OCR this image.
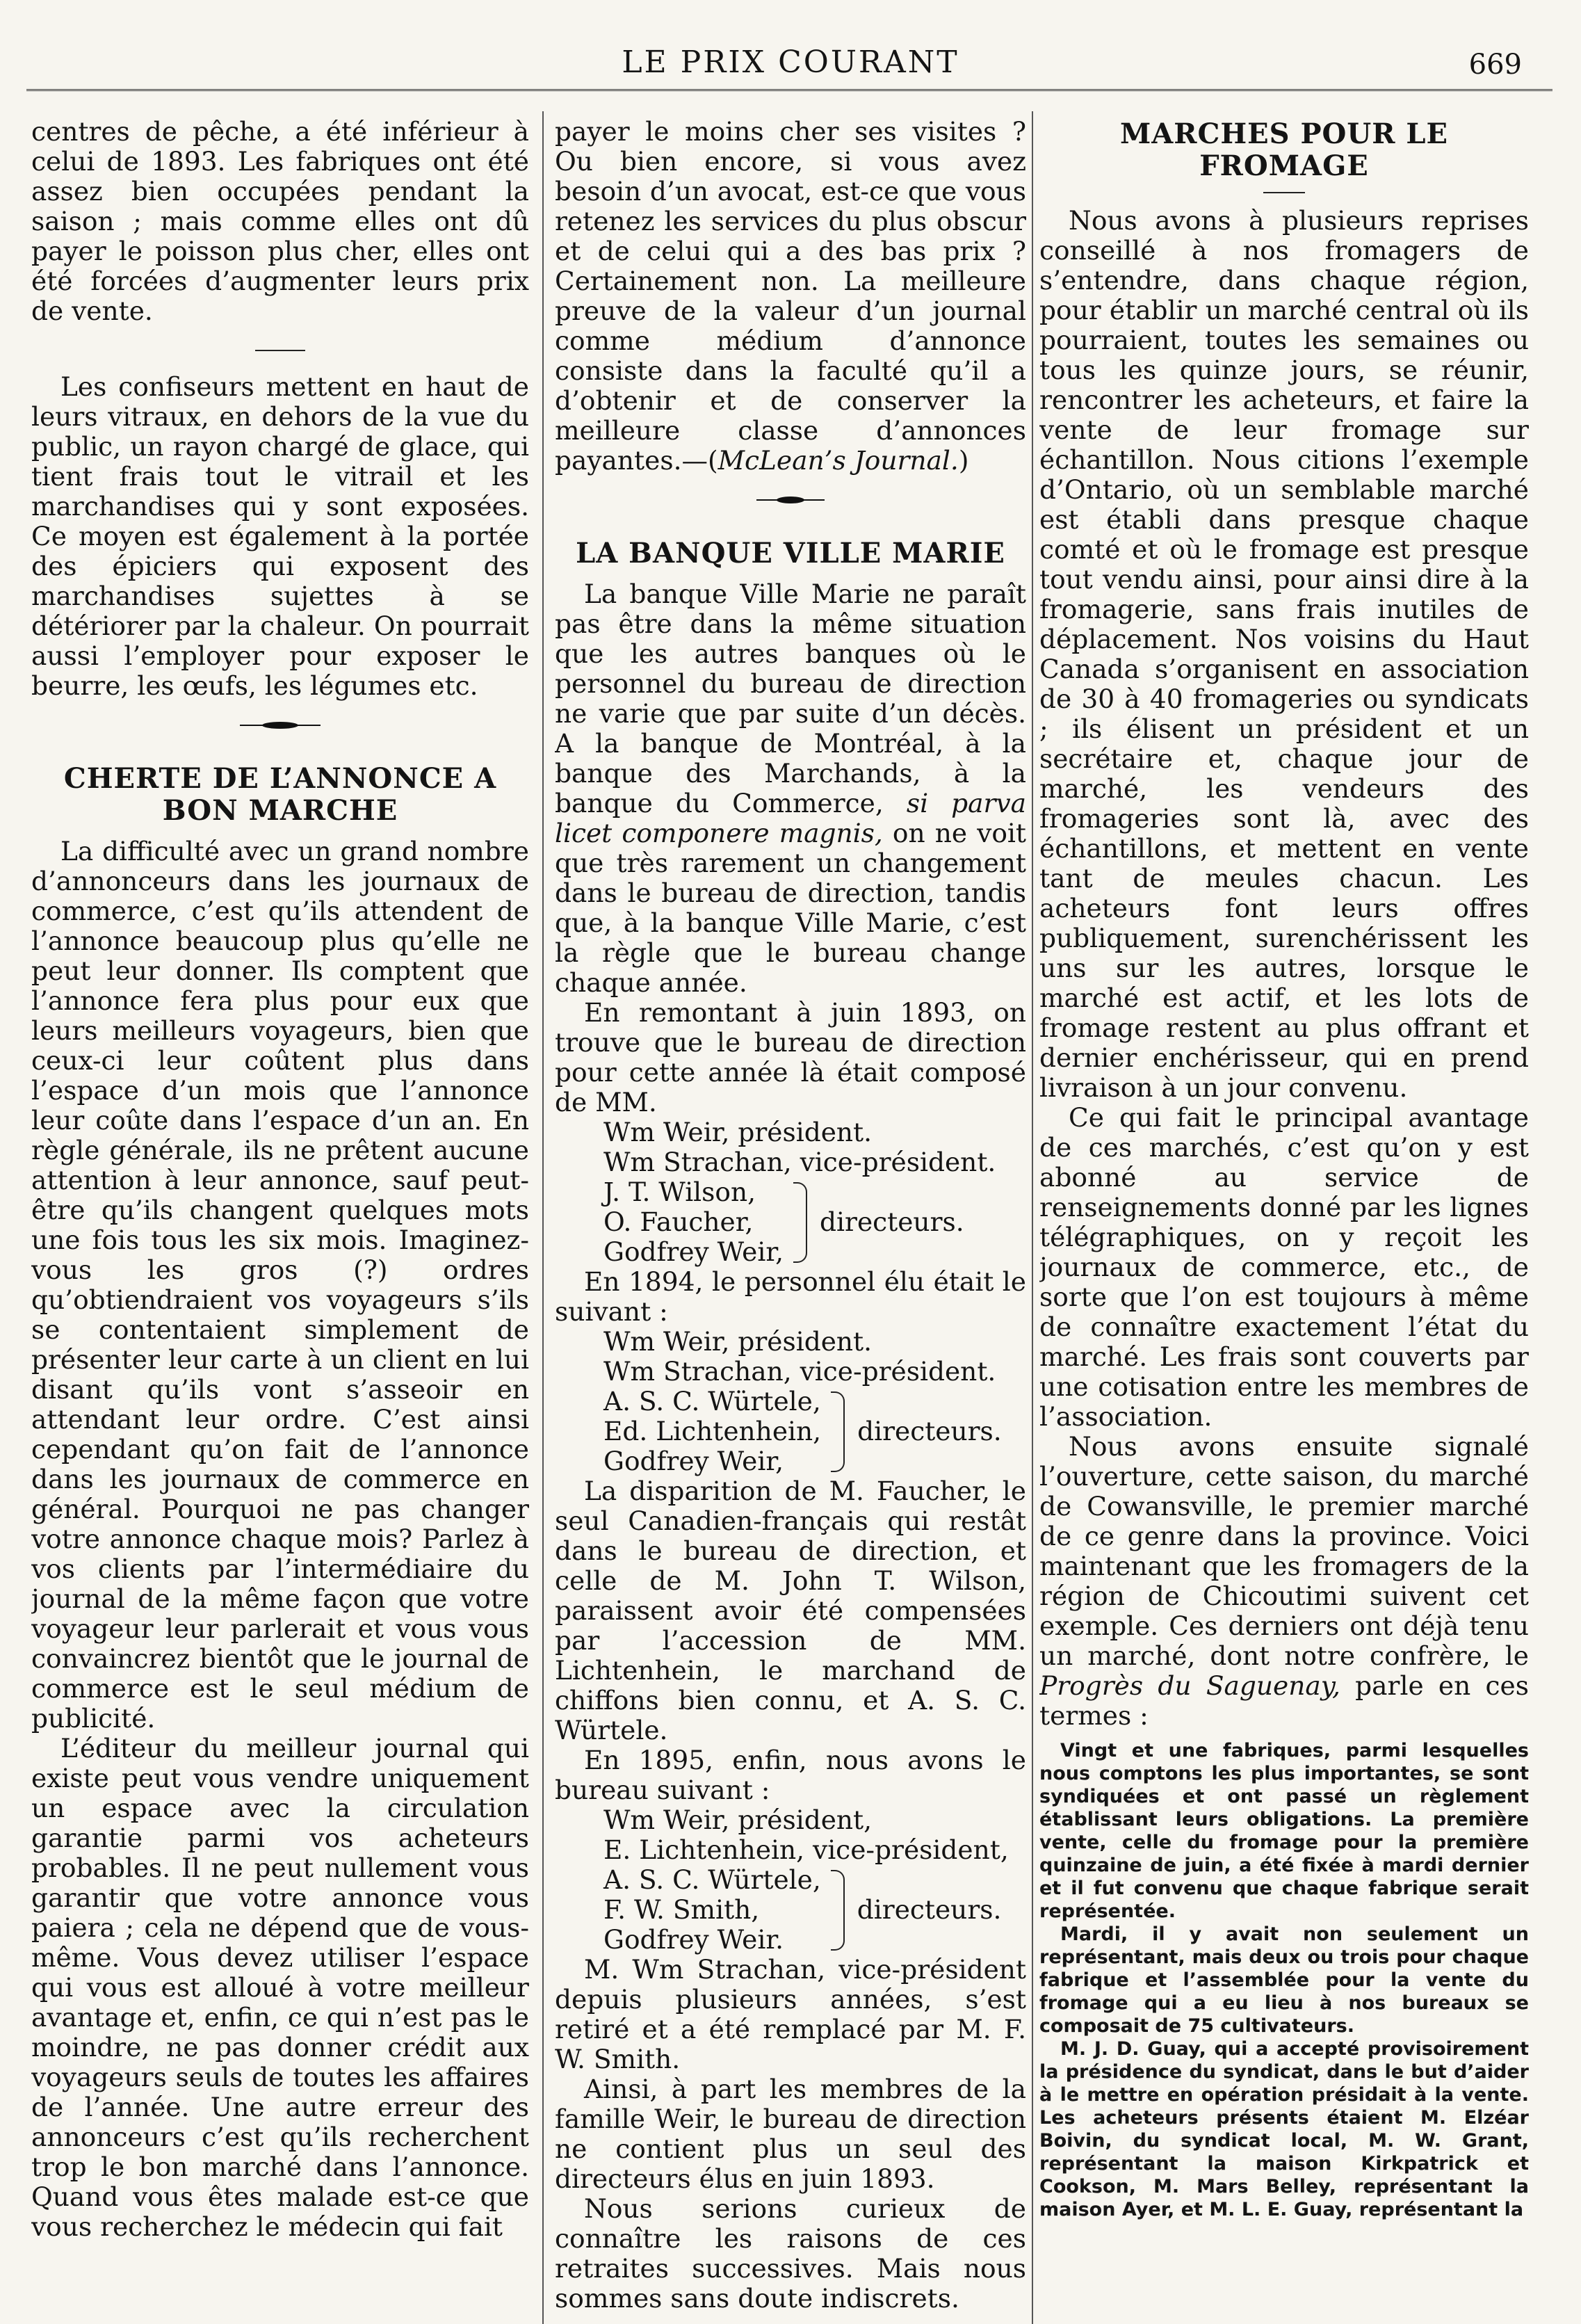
LE PRIX COURANT	669

centres de pêche, a été inférieur à celui de 1893. Les fabriques ont été assez bien occupées pendant la saison ; mais comme elles ont dû payer le poisson plus cher, elles ont été forcées d’augmenter leurs prix de vente.

Les confiseurs mettent en haut de leurs vitraux, en dehors de la vue du public, un rayon chargé de glace, qui tient frais tout le vitrail et les marchandises qui y sont exposées. Ce moyen est également à la portée des épiciers qui exposent des marchandises sujettes à se détériorer par la chaleur. On pourrait aussi l’employer pour exposer le beurre, les œufs, les légumes etc.

CHERTE DE L’ANNONCE A BON MARCHE

La difficulté avec un grand nombre d’annonceurs dans les journaux de commerce, c’est qu’ils attendent de l’annonce beaucoup plus qu’elle ne peut leur donner. Ils comptent que l’annonce fera plus pour eux que leurs meilleurs voyageurs, bien que ceux-ci leur coûtent plus dans l’espace d’un mois que l’annonce leur coûte dans l’espace d’un an. En règle générale, ils ne prêtent aucune attention à leur annonce, sauf peut-être qu’ils changent quelques mots une fois tous les six mois. Imaginez-vous les gros (?) ordres qu’obtiendraient vos voyageurs s’ils se contentaient simplement de présenter leur carte à un client en lui disant qu’ils vont s’asseoir en attendant leur ordre. C’est ainsi cependant qu’on fait de l’annonce dans les journaux de commerce en général. Pourquoi ne pas changer votre annonce chaque mois? Parlez à vos clients par l’intermédiaire du journal de la même façon que votre voyageur leur parlerait et vous vous convaincrez bientôt que le journal de commerce est le seul médium de publicité.

L’éditeur du meilleur journal qui existe peut vous vendre uniquement un espace avec la circulation garantie parmi vos acheteurs probables. Il ne peut nullement vous garantir que votre annonce vous paiera ; cela ne dépend que de vous-même. Vous devez utiliser l’espace qui vous est alloué à votre meilleur avantage et, enfin, ce qui n’est pas le moindre, ne pas donner crédit aux voyageurs seuls de toutes les affaires de l’année. Une autre erreur des annonceurs c’est qu’ils recherchent trop le bon marché dans l’annonce. Quand vous êtes malade est-ce que vous recherchez le médecin qui fait

payer le moins cher ses visites ? Ou bien encore, si vous avez besoin d’un avocat, est-ce que vous retenez les services du plus obscur et de celui qui a des bas prix ? Certainement non. La meilleure preuve de la valeur d’un journal comme médium d’annonce consiste dans la faculté qu’il a d’obtenir et de conserver la meilleure classe d’annonces payantes.—(McLean’s Journal.)

LA BANQUE VILLE MARIE

La banque Ville Marie ne paraît pas être dans la même situation que les autres banques où le personnel du bureau de direction ne varie que par suite d’un décès. A la banque de Montréal, à la banque des Marchands, à la banque du Commerce, si parva licet componere magnis, on ne voit que très rarement un changement dans le bureau de direction, tandis que, à la banque Ville Marie, c’est la règle que le bureau change chaque année.

En remontant à juin 1893, on trouve que le bureau de direction pour cette année là était composé de MM.

Wm Weir, président.
Wm Strachan, vice-président.
J. T. Wilson,
O. Faucher,
Godfrey Weir,
directeurs.

En 1894, le personnel élu était le suivant :

Wm Weir, président.
Wm Strachan, vice-président.
A. S. C. Würtele,
Ed. Lichtenhein,
Godfrey Weir,
directeurs.

La disparition de M. Faucher, le seul Canadien-français qui restât dans le bureau de direction, et celle de M. John T. Wilson, paraissent avoir été compensées par l’accession de MM. Lichtenhein, le marchand de chiffons bien connu, et A. S. C. Würtele.

En 1895, enfin, nous avons le bureau suivant :

Wm Weir, président,
E. Lichtenhein, vice-président,
A. S. C. Würtele,
F. W. Smith,
Godfrey Weir.
directeurs.

M. Wm Strachan, vice-président depuis plusieurs années, s’est retiré et a été remplacé par M. F. W. Smith.

Ainsi, à part les membres de la famille Weir, le bureau de direction ne contient plus un seul des directeurs élus en juin 1893.

Nous serions curieux de connaître les raisons de ces retraites successives. Mais nous sommes sans doute indiscrets.

MARCHES POUR LE FROMAGE

Nous avons à plusieurs reprises conseillé à nos fromagers de s’entendre, dans chaque région, pour établir un marché central où ils pourraient, toutes les semaines ou tous les quinze jours, se réunir, rencontrer les acheteurs, et faire la vente de leur fromage sur échantillon. Nous citions l’exemple d’Ontario, où un semblable marché est établi dans presque chaque comté et où le fromage est presque tout vendu ainsi, pour ainsi dire à la fromagerie, sans frais inutiles de déplacement. Nos voisins du Haut Canada s’organisent en association de 30 à 40 fromageries ou syndicats ; ils élisent un président et un secrétaire et, chaque jour de marché, les vendeurs des fromageries sont là, avec des échantillons, et mettent en vente tant de meules chacun. Les acheteurs font leurs offres publiquement, surenchérissent les uns sur les autres, lorsque le marché est actif, et les lots de fromage restent au plus offrant et dernier enchérisseur, qui en prend livraison à un jour convenu.

Ce qui fait le principal avantage de ces marchés, c’est qu’on y est abonné au service de renseignements donné par les lignes télégraphiques, on y reçoit les journaux de commerce, etc., de sorte que l’on est toujours à même de connaître exactement l’état du marché. Les frais sont couverts par une cotisation entre les membres de l’association.

Nous avons ensuite signalé l’ouverture, cette saison, du marché de Cowansville, le premier marché de ce genre dans la province. Voici maintenant que les fromagers de la région de Chicoutimi suivent cet exemple. Ces derniers ont déjà tenu un marché, dont notre confrère, le Progrès du Saguenay, parle en ces termes :

Vingt et une fabriques, parmi lesquelles nous comptons les plus importantes, se sont syndiquées et ont passé un règlement établissant leurs obligations. La première vente, celle du fromage pour la première quinzaine de juin, a été fixée à mardi dernier et il fut convenu que chaque fabrique serait représentée.

Mardi, il y avait non seulement un représentant, mais deux ou trois pour chaque fabrique et l’assemblée pour la vente du fromage qui a eu lieu à nos bureaux se composait de 75 cultivateurs.

M. J. D. Guay, qui a accepté provisoirement la présidence du syndicat, dans le but d’aider à le mettre en opération présidait à la vente. Les acheteurs présents étaient M. Elzéar Boivin, du syndicat local, M. W. Grant, représentant la maison Kirkpatrick et Cookson, M. Mars Belley, représentant la maison Ayer, et M. L. E. Guay, représentant la
